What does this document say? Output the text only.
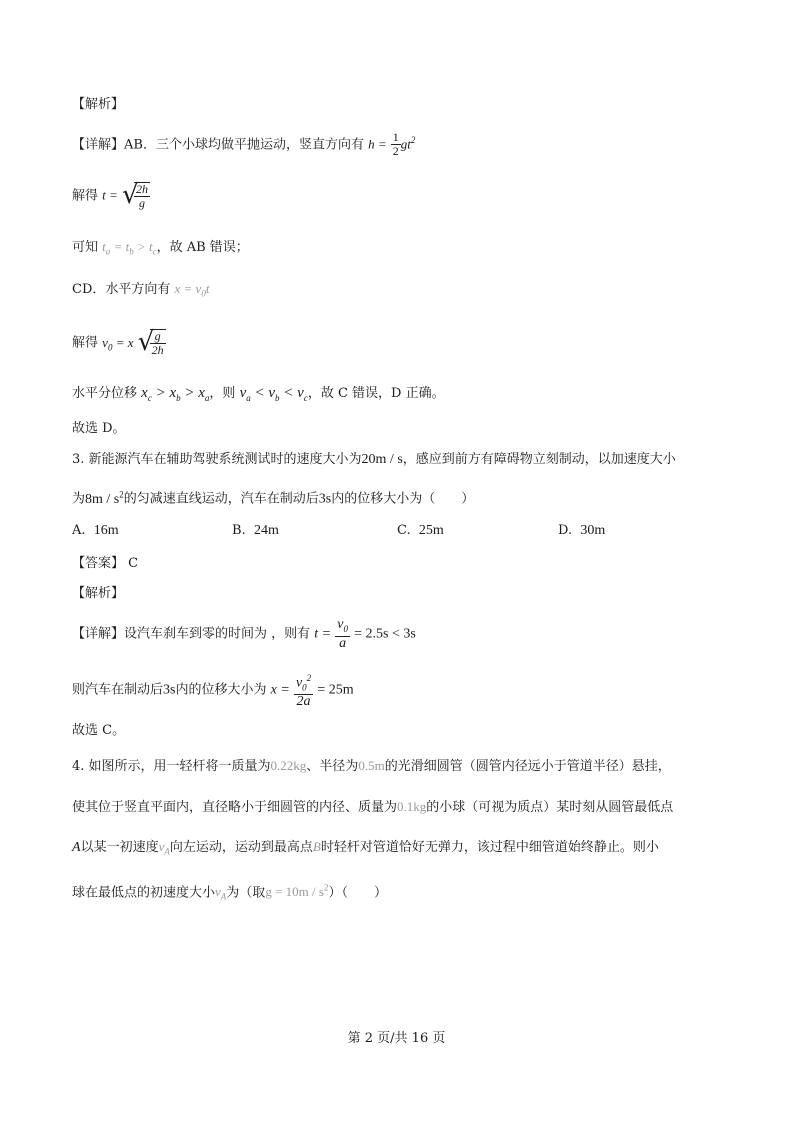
【解析】
【详解】AB．三个小球均做平抛运动，竖直方向有 $h = \frac{1}{2} gt^2$
解得 t = √
$\frac{2h}{g}$
可知 $t_a = t_b > t_c$，故 AB 错误；
CD．水平方向有 $x = v_0t$
解得 $v_0 = x$ √
$\frac{g}{2h}$
水平分位移 $x_c > x_b > x_a$，则 $v_a < v_b < v_c$，故 C 错误，D 正确。
故选 D。
3. 新能源汽车在辅助驾驶系统测试时的速度大小为20m / s，感应到前方有障碍物立刻制动，以加速度大小
为$8m / s^2$的匀减速直线运动，汽车在制动后3s内的位移大小为（　　）
A. 16m	B. 24m	C. 25m	D. 30m
【答案】 C
【解析】
【详解】设汽车刹车到零的时间为 ，则有 $t = \frac{v_0}{a} = 2.5s < 3s$
则汽车在制动后3s内的位移大小为 $x = \frac{v_0^2}{2a} = 25m$
故选 C。
4. 如图所示，用一轻杆将一质量为0.22kg、半径为0.5m的光滑细圆管（圆管内径远小于管道半径）悬挂，
使其位于竖直平面内，直径略小于细圆管的内径、质量为0.1kg的小球（可视为质点）某时刻从圆管最低点
A以某一初速度$v_A$向左运动，运动到最高点B时轻杆对管道恰好无弹力，该过程中细管道始终静止。则小
球在最低点的初速度大小$v_A$为（取$g = 10m / s^2$）（　　）
第 2 页/共 16 页
